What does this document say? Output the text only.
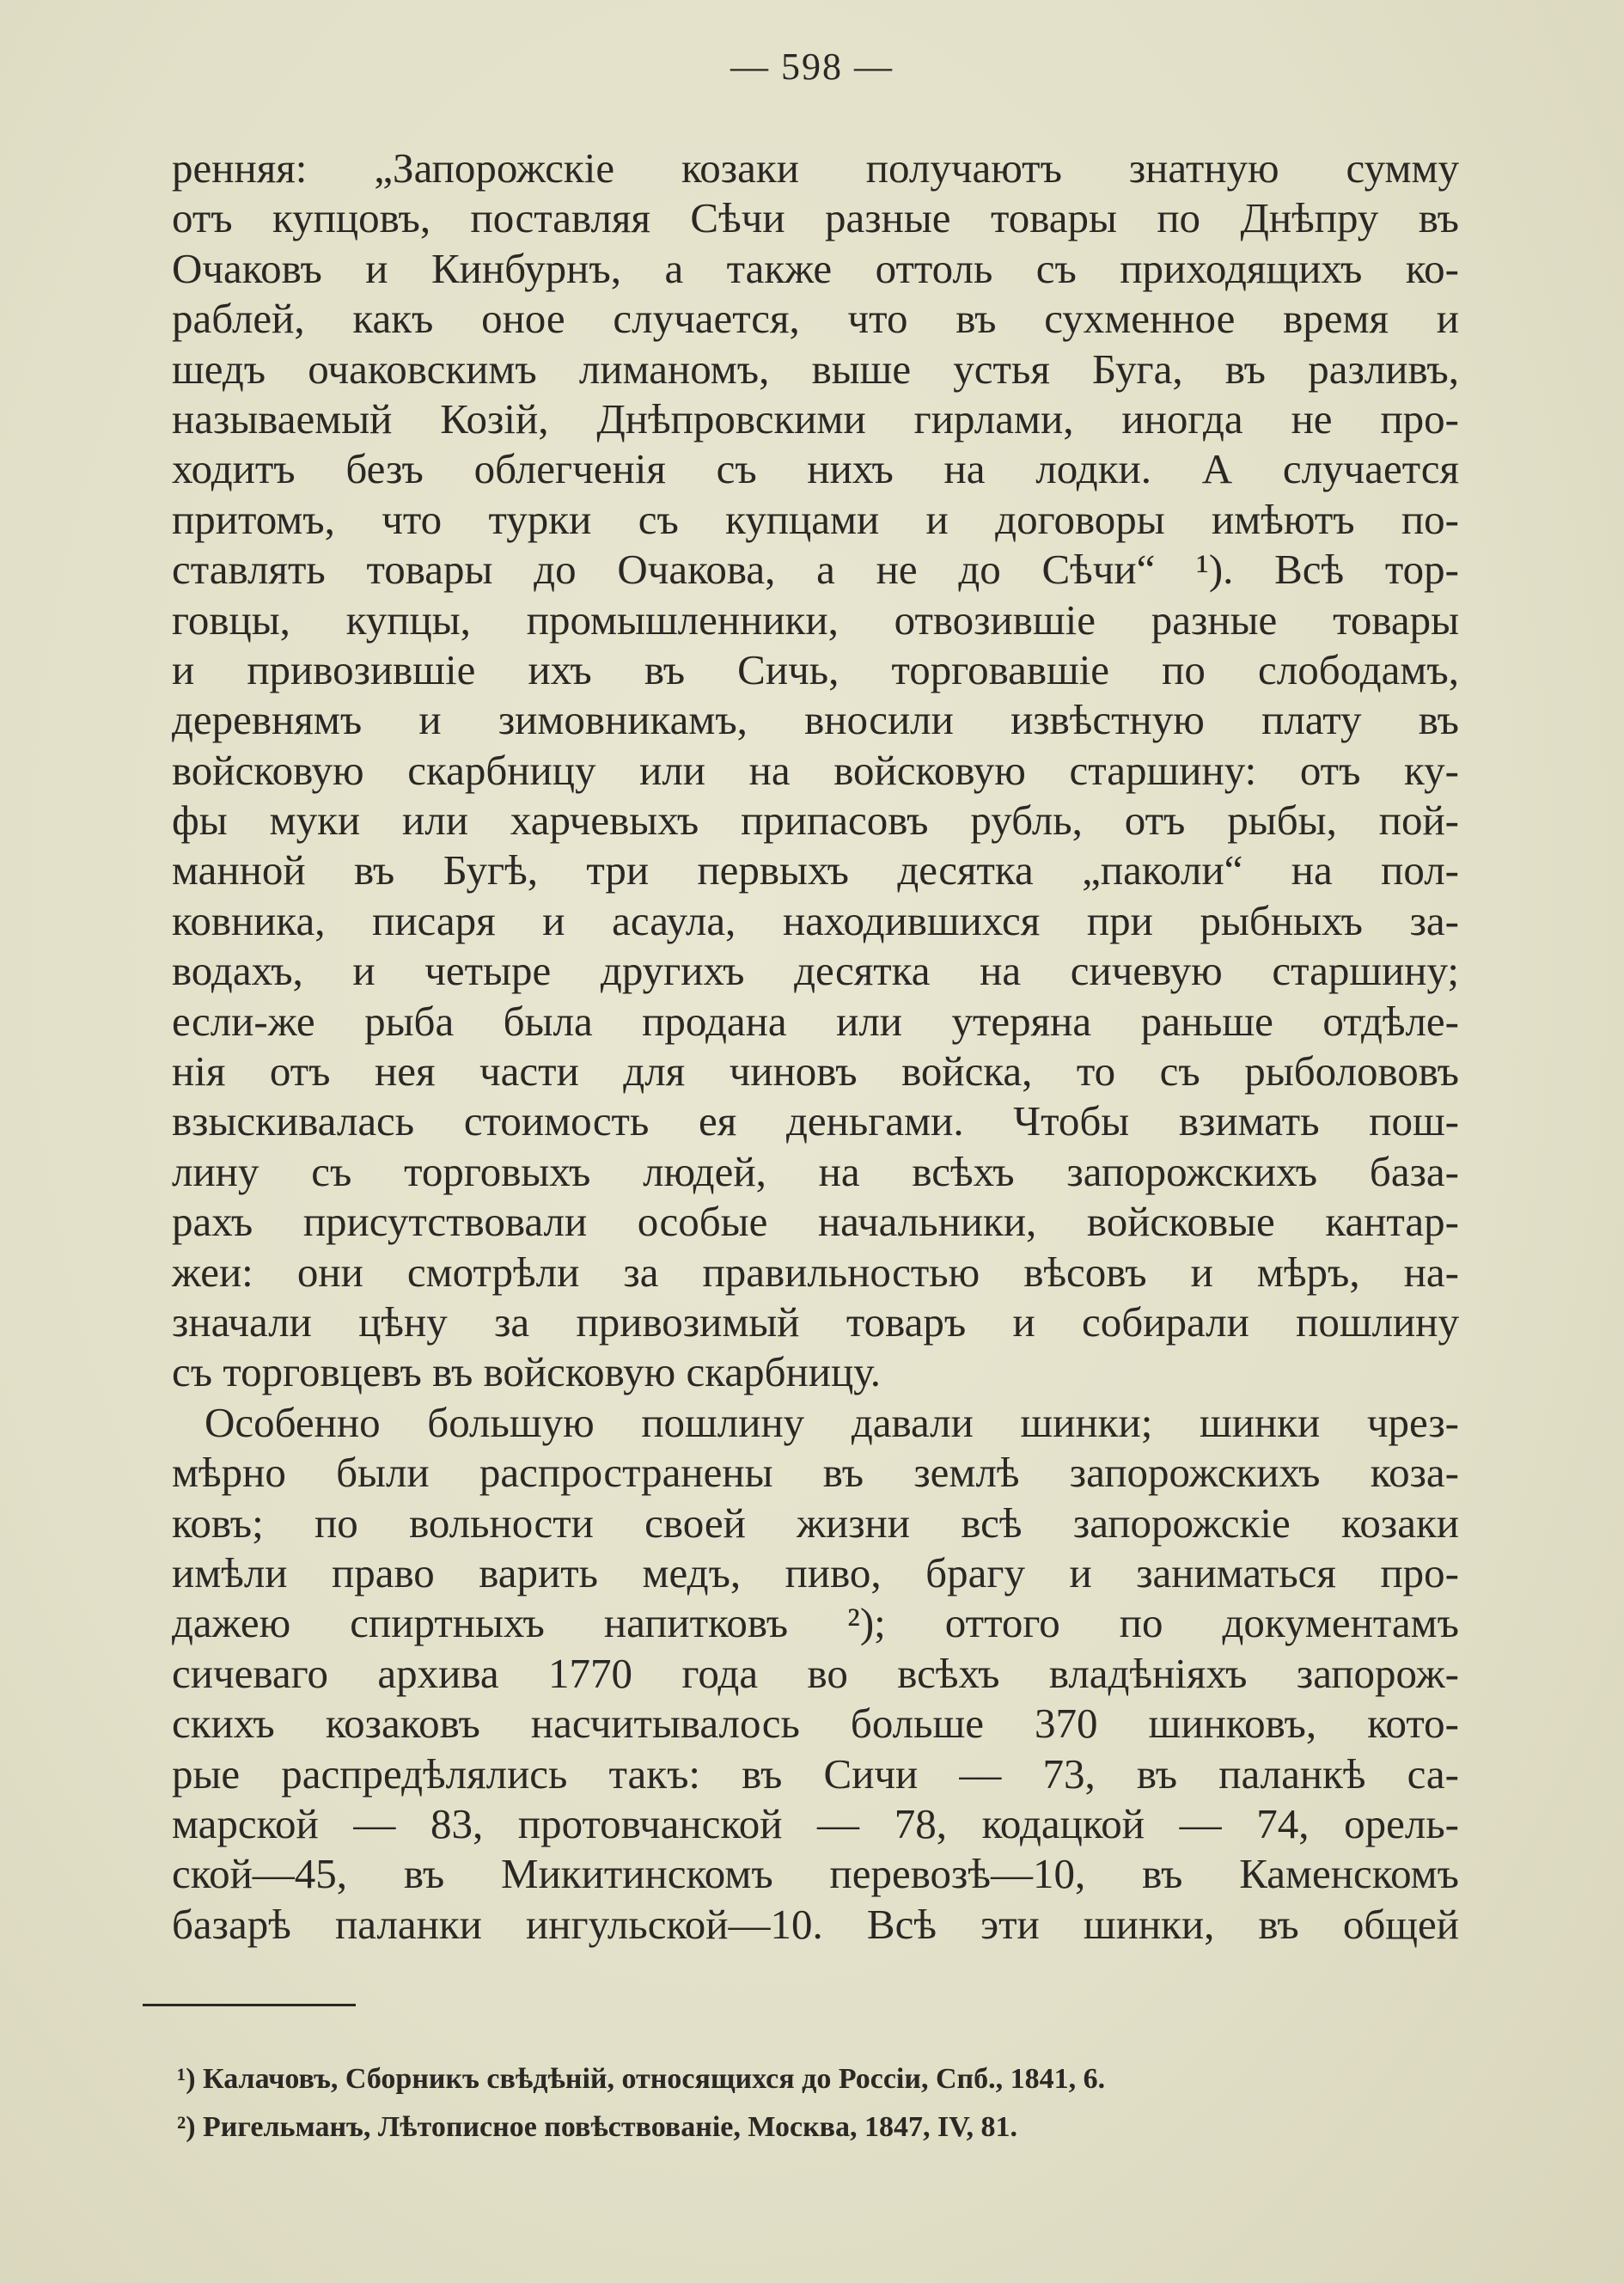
— 598 —
ренняя: „Запорожскіе козаки получаютъ знатную сумму
отъ купцовъ, поставляя Сѣчи разные товары по Днѣпру въ
Очаковъ и Кинбурнъ, а также оттоль съ приходящихъ ко-
раблей, какъ оное случается, что въ сухменное время и
шедъ очаковскимъ лиманомъ, выше устья Буга, въ разливъ,
называемый Козій, Днѣпровскими гирлами, иногда не про-
ходитъ безъ облегченія съ нихъ на лодки. А случается
притомъ, что турки съ купцами и договоры имѣютъ по-
ставлять товары до Очакова, а не до Сѣчи“ ¹). Всѣ тор-
говцы, купцы, промышленники, отвозившіе разные товары
и привозившіе ихъ въ Сичь, торговавшіе по слободамъ,
деревнямъ и зимовникамъ, вносили извѣстную плату въ
войсковую скарбницу или на войсковую старшину: отъ ку-
фы муки или харчевыхъ припасовъ рубль, отъ рыбы, пой-
манной въ Бугѣ, три первыхъ десятка „паколи“ на пол-
ковника, писаря и асаула, находившихся при рыбныхъ за-
водахъ, и четыре другихъ десятка на сичевую старшину;
если-же рыба была продана или утеряна раньше отдѣле-
нія отъ нея части для чиновъ войска, то съ рыболововъ
взыскивалась стоимость ея деньгами. Чтобы взимать пош-
лину съ торговыхъ людей, на всѣхъ запорожскихъ база-
рахъ присутствовали особые начальники, войсковые кантар-
жеи: они смотрѣли за правильностью вѣсовъ и мѣръ, на-
значали цѣну за привозимый товаръ и собирали пошлину
съ торговцевъ въ войсковую скарбницу.
Особенно большую пошлину давали шинки; шинки чрез-
мѣрно были распространены въ землѣ запорожскихъ коза-
ковъ; по вольности своей жизни всѣ запорожскіе козаки
имѣли право варить медъ, пиво, брагу и заниматься про-
дажею спиртныхъ напитковъ ²); оттого по документамъ
сичеваго архива 1770 года во всѣхъ владѣніяхъ запорож-
скихъ козаковъ насчитывалось больше 370 шинковъ, кото-
рые распредѣлялись такъ: въ Сичи — 73, въ паланкѣ са-
марской — 83, протовчанской — 78, кодацкой — 74, орель-
ской—45, въ Микитинскомъ перевозѣ—10, въ Каменскомъ
базарѣ паланки ингульской—10. Всѣ эти шинки, въ общей
¹) Калачовъ, Сборникъ свѣдѣній, относящихся до Россіи, Спб., 1841, 6.
²) Ригельманъ, Лѣтописное повѣствованіе, Москва, 1847, IV, 81.
